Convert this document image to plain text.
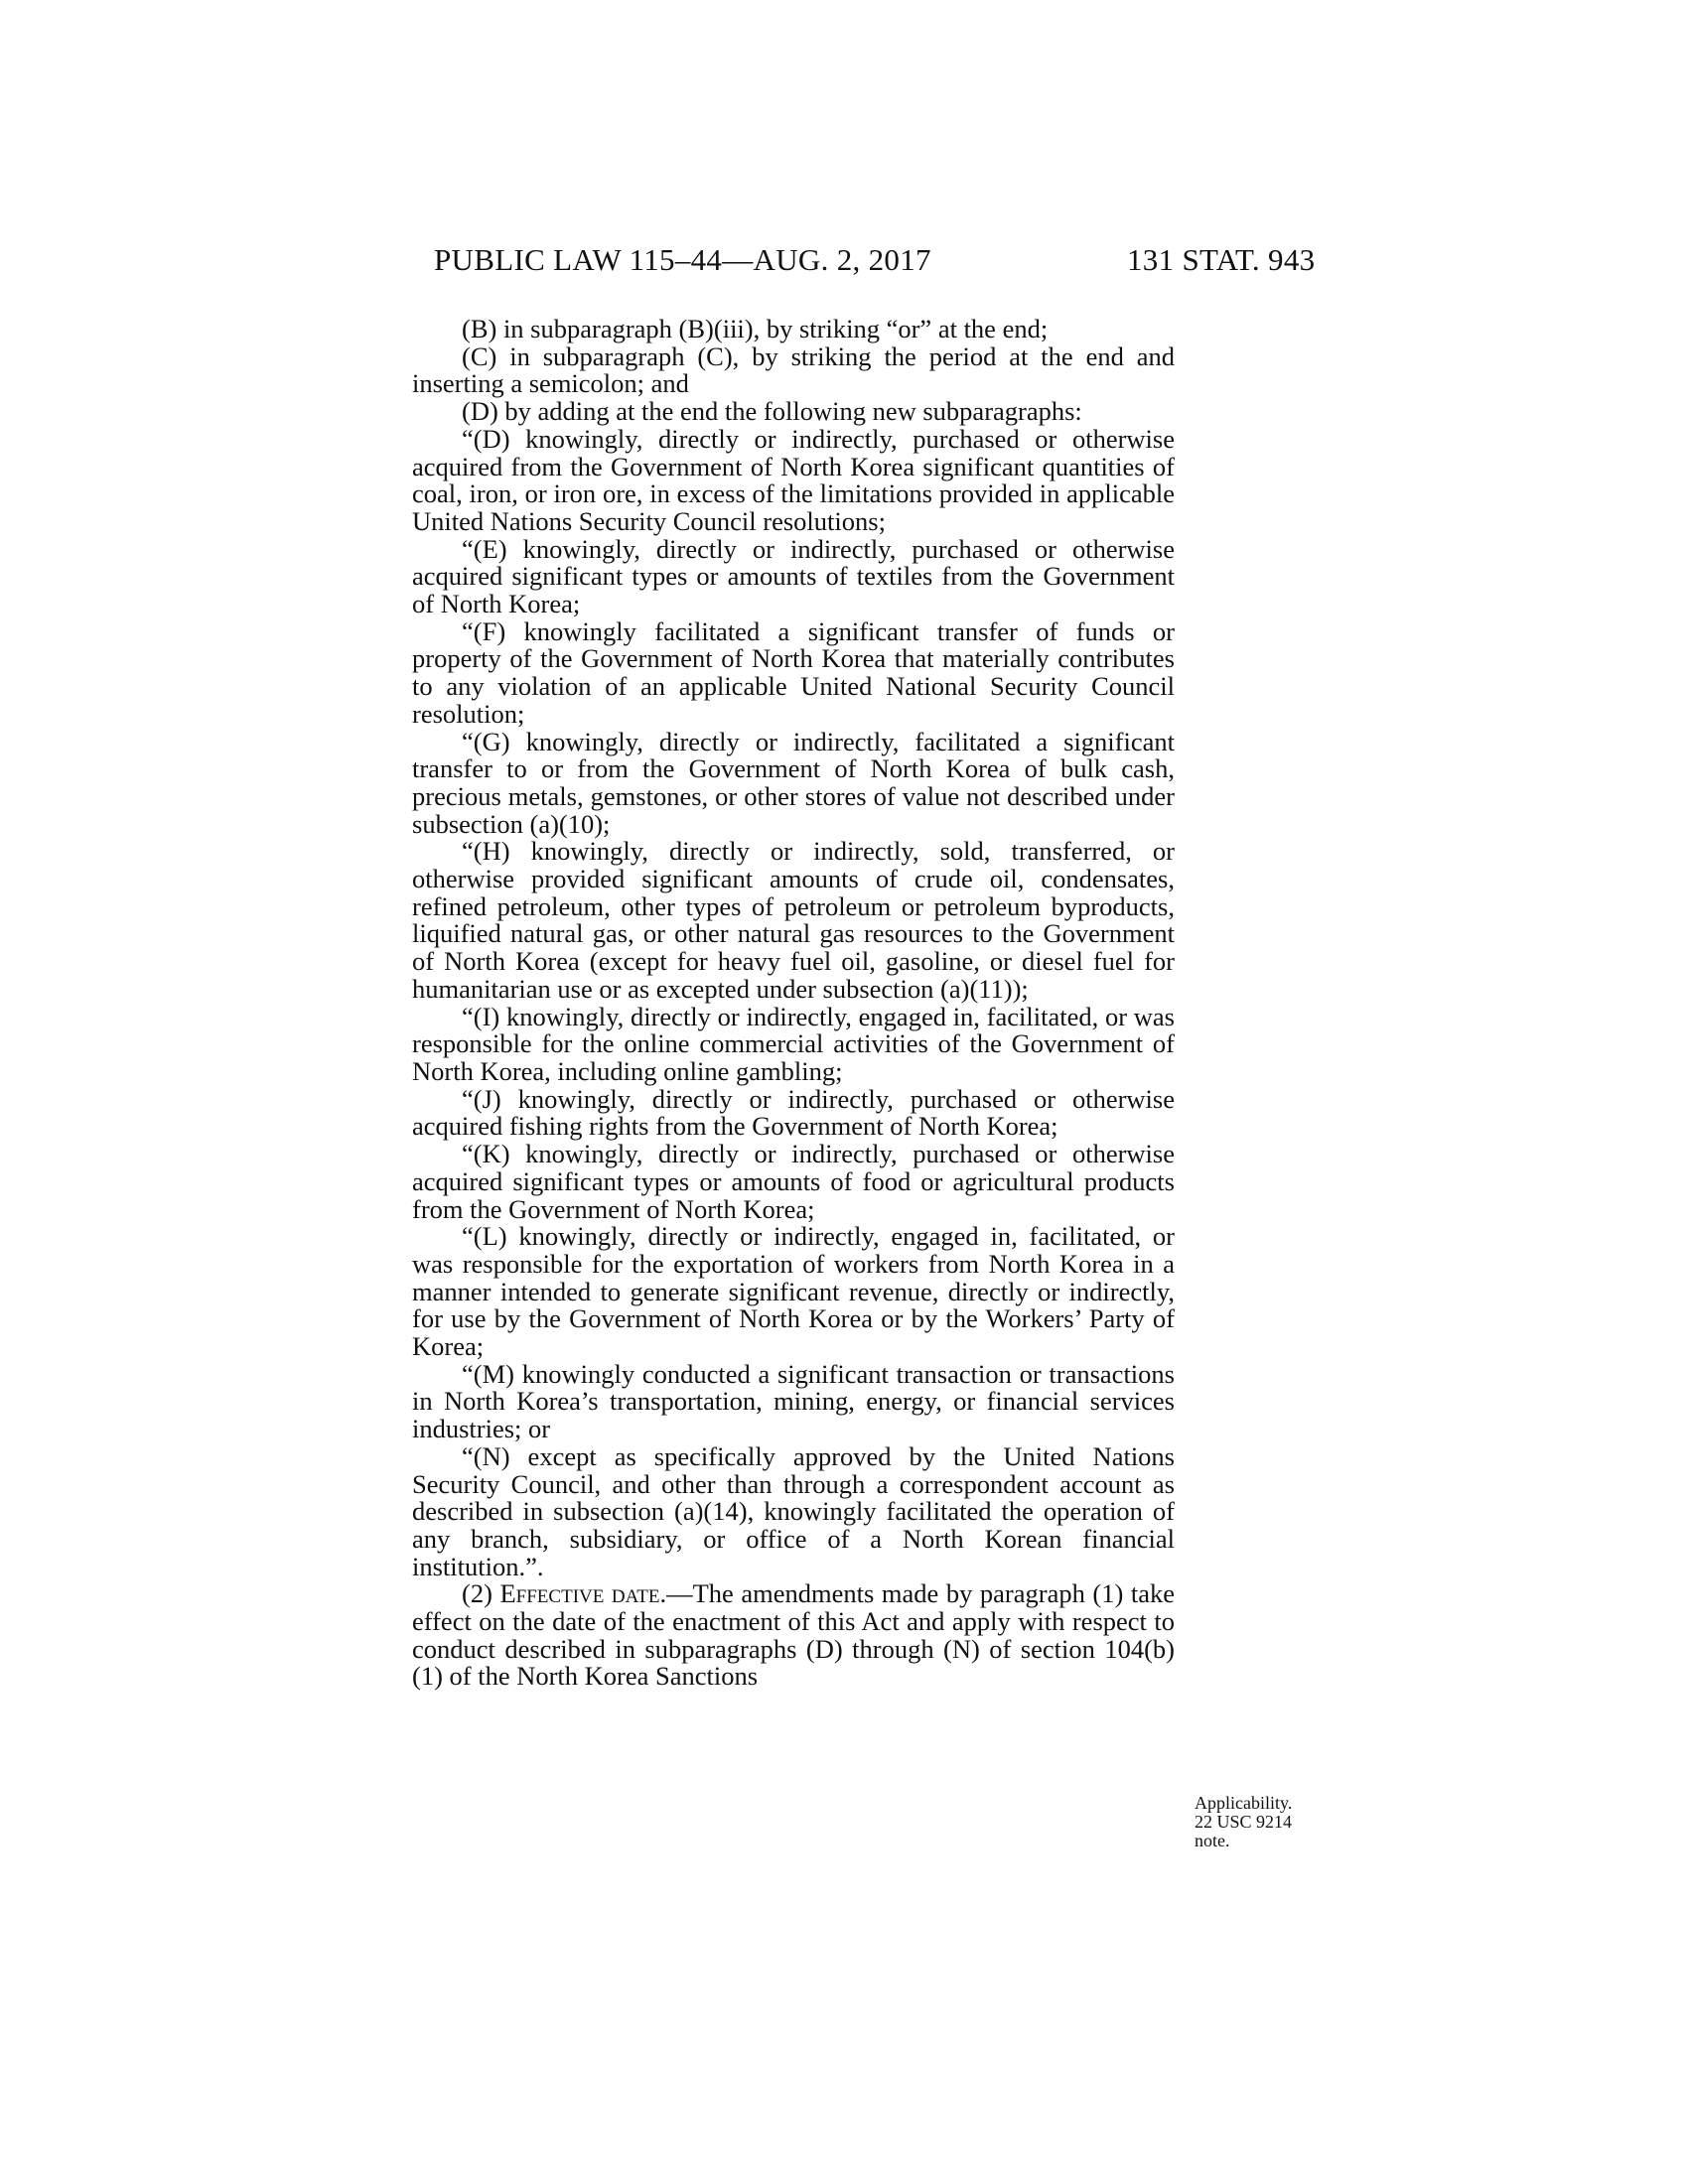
PUBLIC LAW 115–44—AUG. 2, 2017	131 STAT. 943

(B) in subparagraph (B)(iii), by striking “or” at the end;

(C) in subparagraph (C), by striking the period at the end and inserting a semicolon; and

(D) by adding at the end the following new subparagraphs:

“(D) knowingly, directly or indirectly, purchased or otherwise acquired from the Government of North Korea significant quantities of coal, iron, or iron ore, in excess of the limitations provided in applicable United Nations Security Council resolutions;

“(E) knowingly, directly or indirectly, purchased or otherwise acquired significant types or amounts of textiles from the Government of North Korea;

“(F) knowingly facilitated a significant transfer of funds or property of the Government of North Korea that materially contributes to any violation of an applicable United National Security Council resolution;

“(G) knowingly, directly or indirectly, facilitated a significant transfer to or from the Government of North Korea of bulk cash, precious metals, gemstones, or other stores of value not described under subsection (a)(10);

“(H) knowingly, directly or indirectly, sold, transferred, or otherwise provided significant amounts of crude oil, condensates, refined petroleum, other types of petroleum or petroleum byproducts, liquified natural gas, or other natural gas resources to the Government of North Korea (except for heavy fuel oil, gasoline, or diesel fuel for humanitarian use or as excepted under subsection (a)(11));

“(I) knowingly, directly or indirectly, engaged in, facilitated, or was responsible for the online commercial activities of the Government of North Korea, including online gambling;

“(J) knowingly, directly or indirectly, purchased or otherwise acquired fishing rights from the Government of North Korea;

“(K) knowingly, directly or indirectly, purchased or otherwise acquired significant types or amounts of food or agricultural products from the Government of North Korea;

“(L) knowingly, directly or indirectly, engaged in, facilitated, or was responsible for the exportation of workers from North Korea in a manner intended to generate significant revenue, directly or indirectly, for use by the Government of North Korea or by the Workers’ Party of Korea;

“(M) knowingly conducted a significant transaction or transactions in North Korea’s transportation, mining, energy, or financial services industries; or

“(N) except as specifically approved by the United Nations Security Council, and other than through a correspondent account as described in subsection (a)(14), knowingly facilitated the operation of any branch, subsidiary, or office of a North Korean financial institution.”.

(2) Effective date.—The amendments made by paragraph (1) take effect on the date of the enactment of this Act and apply with respect to conduct described in subparagraphs (D) through (N) of section 104(b)(1) of the North Korea Sanctions

Applicability.
22 USC 9214
note.
